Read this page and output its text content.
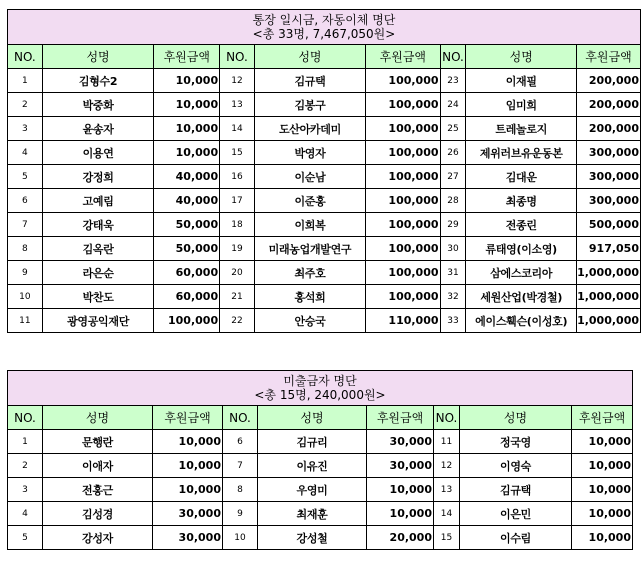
통장 일시금, 자동이체 명단
<총 33명, 7,467,050원>								

NO.	성명	후원금액	NO.	성명	후원금액	NO.	성명	후원금액
1	김형수2	10,000	12	김규택	100,000	23	이재필	200,000
2	박중화	10,000	13	김봉구	100,000	24	임미희	200,000
3	윤송자	10,000	14	도산아카데미	100,000	25	트레놀로지	200,000
4	이용연	10,000	15	박영자	100,000	26	제위러브유운동본	300,000
5	강정희	40,000	16	이순남	100,000	27	김대운	300,000
6	고예림	40,000	17	이준홍	100,000	28	최종명	300,000
7	강태욱	50,000	18	이희복	100,000	29	전종린	500,000
8	김옥란	50,000	19	미래농업개발연구	100,000	30	류태영(이소영)	917,050
9	라은순	60,000	20	최주호	100,000	31	삼에스코리아	1,000,000
10	박찬도	60,000	21	홍석희	100,000	32	세원산업(박경철)	1,000,000
11	광영공익재단	100,000	22	안승국	110,000	33	에이스훽슨(이성호)	1,000,000
미출금자 명단
<총 15명, 240,000원>								

NO.	성명	후원금액	NO.	성명	후원금액	NO.	성명	후원금액
1	문행란	10,000	6	김규리	30,000	11	정국영	10,000
2	이애자	10,000	7	이유진	30,000	12	이영숙	10,000
3	전홍근	10,000	8	우영미	10,000	13	김규택	10,000
4	김성경	30,000	9	최재훈	10,000	14	이은민	10,000
5	강성자	30,000	10	강성철	20,000	15	이수림	10,000
